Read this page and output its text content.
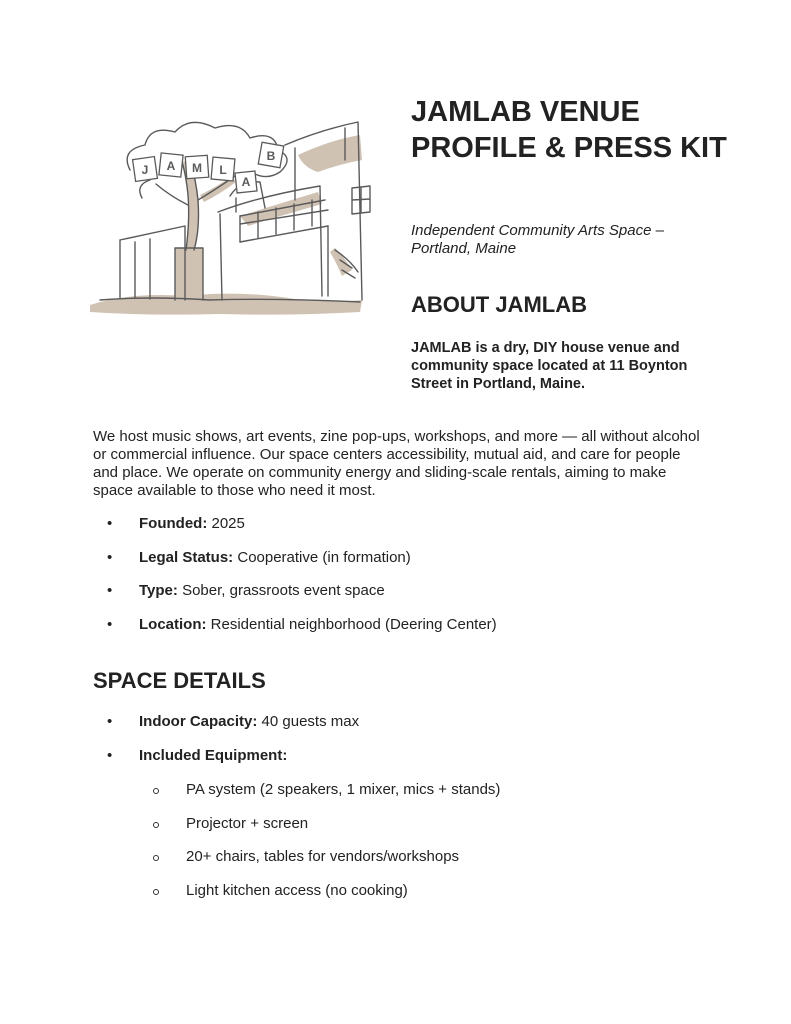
J A M L
A
B
JAMLAB VENUE PROFILE & PRESS KIT

Independent Community Arts Space – Portland, Maine

ABOUT JAMLAB

JAMLAB is a dry, DIY house venue and community space located at 11 Boynton Street in Portland, Maine.

We host music shows, art events, zine pop-ups, workshops, and more — all without alcohol or commercial influence. Our space centers accessibility, mutual aid, and care for people and place. We operate on community energy and sliding-scale rentals, aiming to make space available to those who need it most.

• Founded: 2025
• Legal Status: Cooperative (in formation)
• Type: Sober, grassroots event space
• Location: Residential neighborhood (Deering Center)
SPACE DETAILS
• Indoor Capacity: 40 guests max
• Included Equipment:
PA system (2 speakers, 1 mixer, mics + stands)
Projector + screen
20+ chairs, tables for vendors/workshops
Light kitchen access (no cooking)
